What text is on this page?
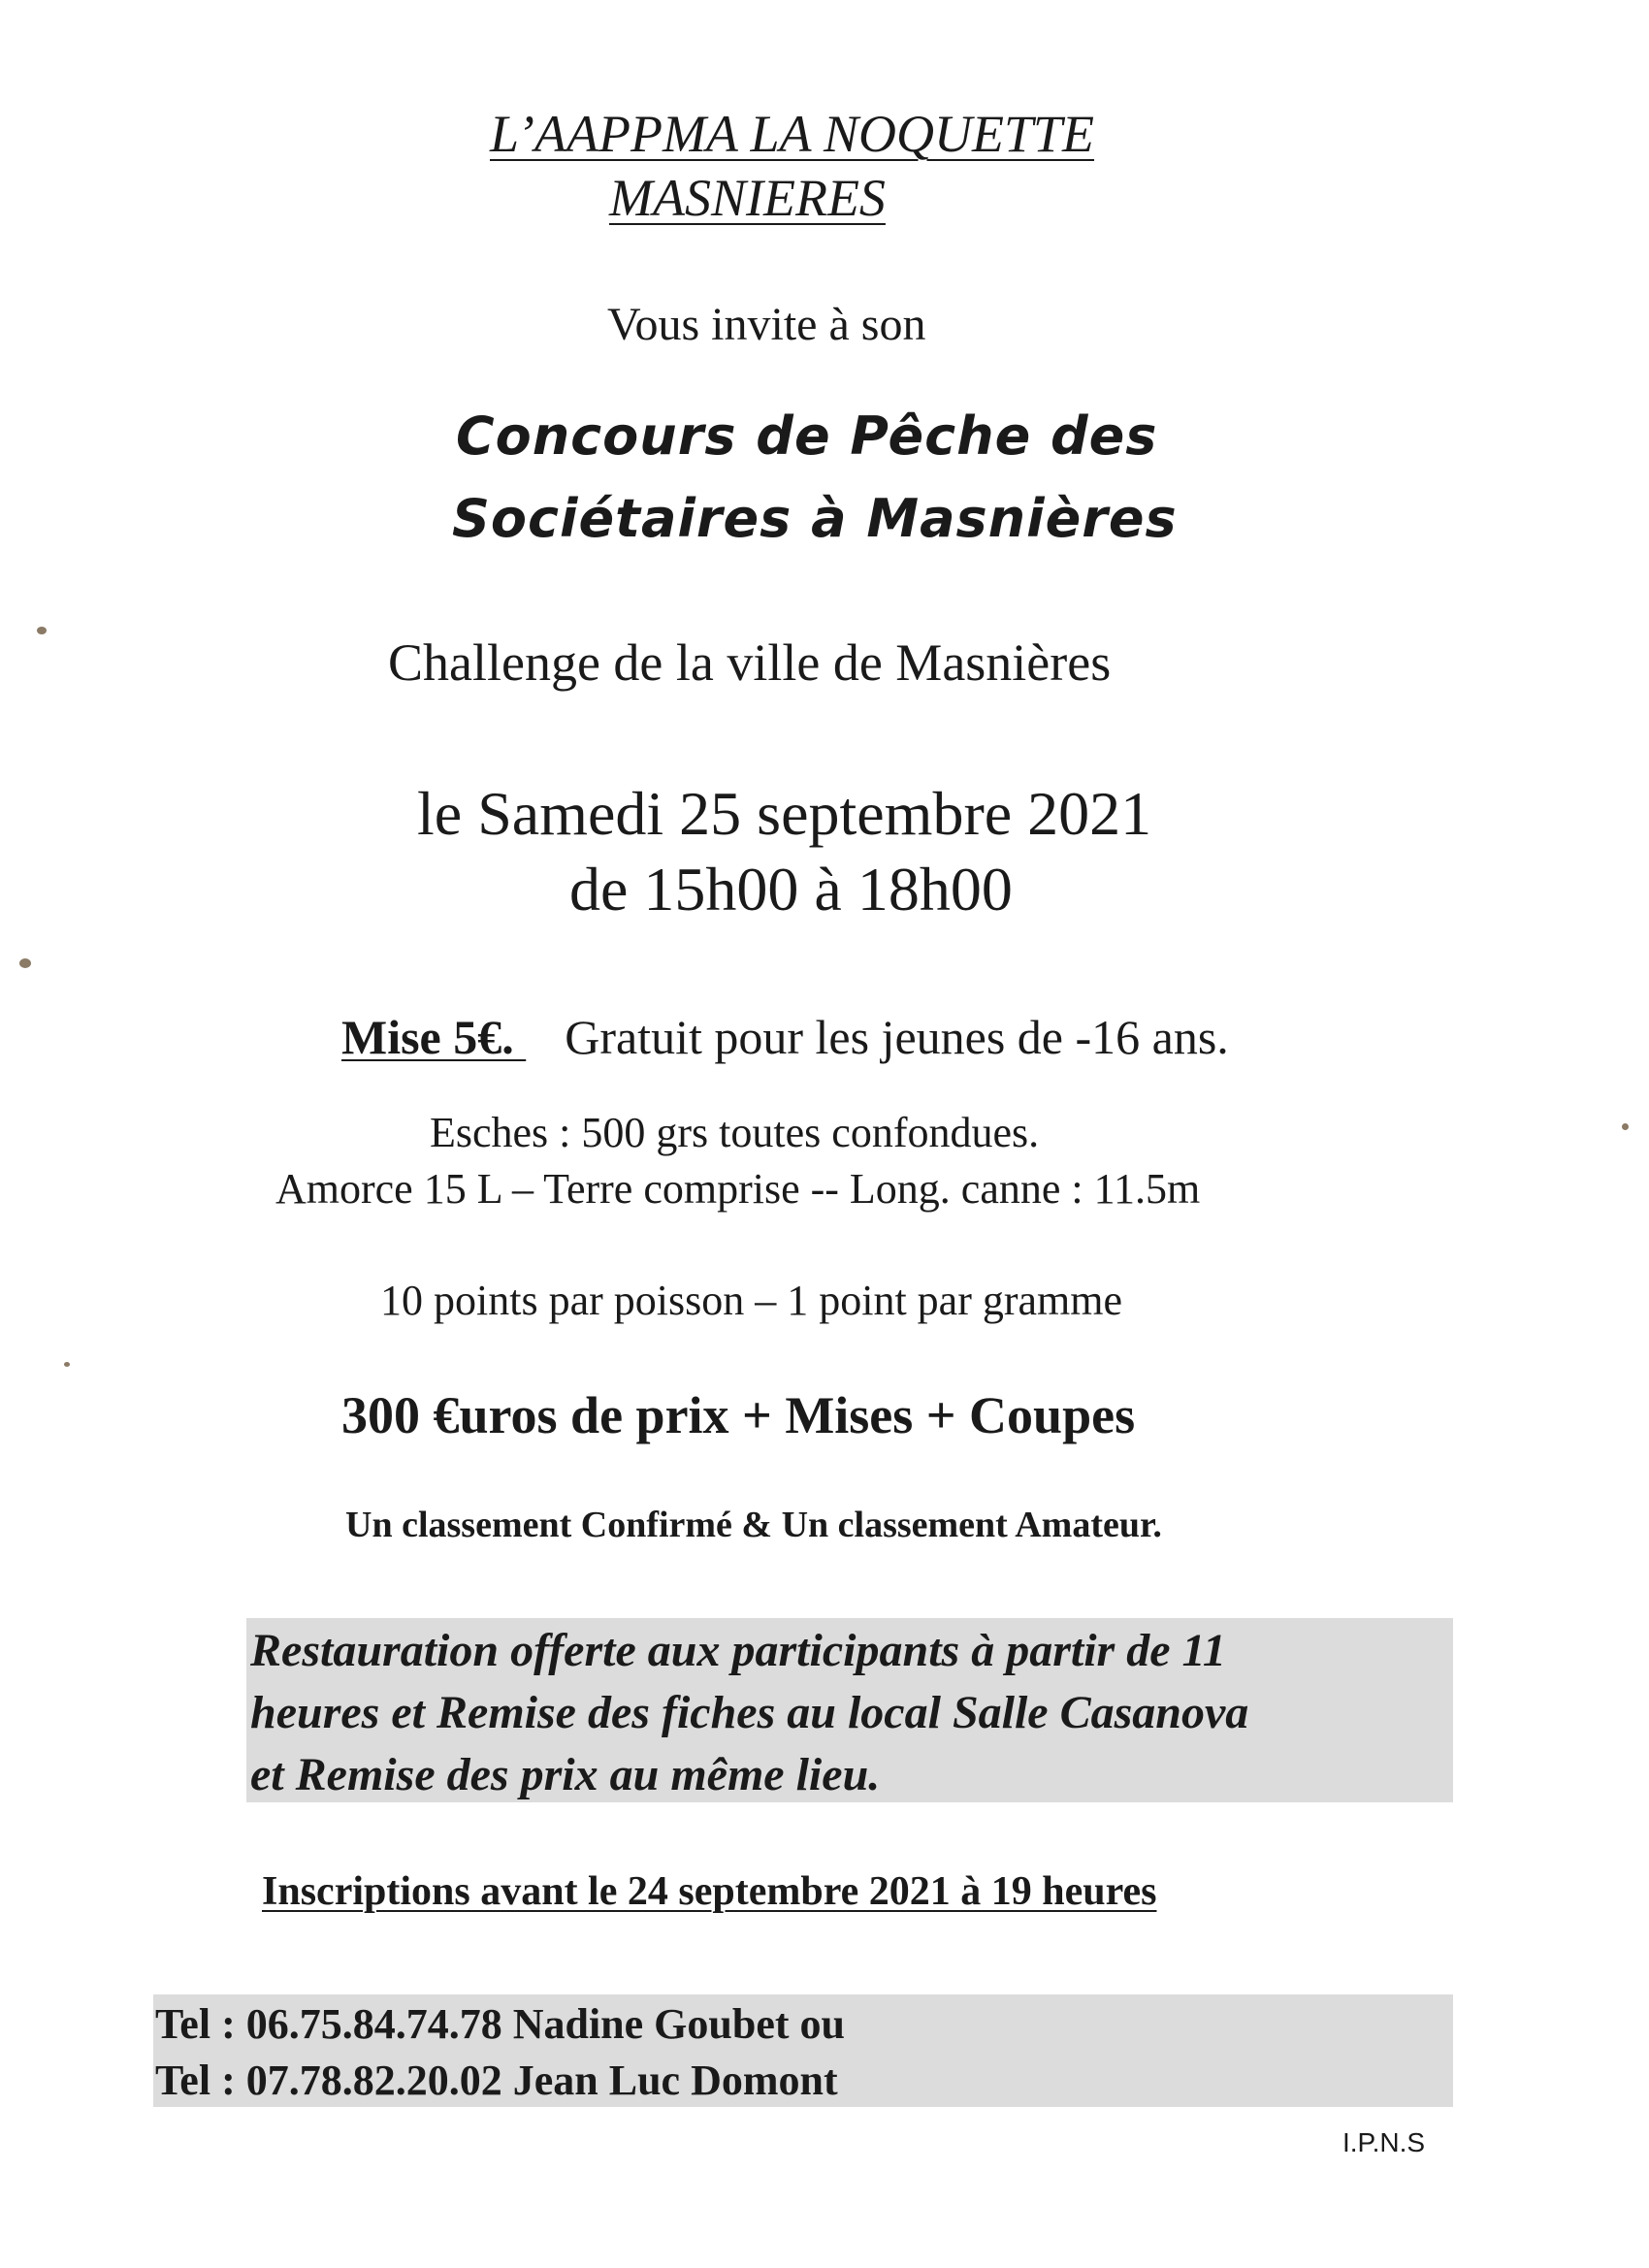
L’AAPPMA LA NOQUETTE

MASNIERES

Vous invite à son

Concours de Pêche des

Sociétaires à Masnières

Challenge de la ville de Masnières

le Samedi 25 septembre 2021

de 15h00 à 18h00

Mise 5€. Gratuit pour les jeunes de -16 ans.

Esches : 500 grs toutes confondues.

Amorce 15 L – Terre comprise -- Long. canne : 11.5m

10 points par poisson – 1 point par gramme

300 €uros de prix + Mises + Coupes

Un classement Confirmé & Un classement Amateur.

Restauration offerte aux participants à partir de 11

heures et Remise des fiches au local Salle Casanova

et Remise des prix au même lieu.

Inscriptions avant le 24 septembre 2021 à 19 heures

Tel : 06.75.84.74.78 Nadine Goubet ou

Tel : 07.78.82.20.02 Jean Luc Domont

I.P.N.S
